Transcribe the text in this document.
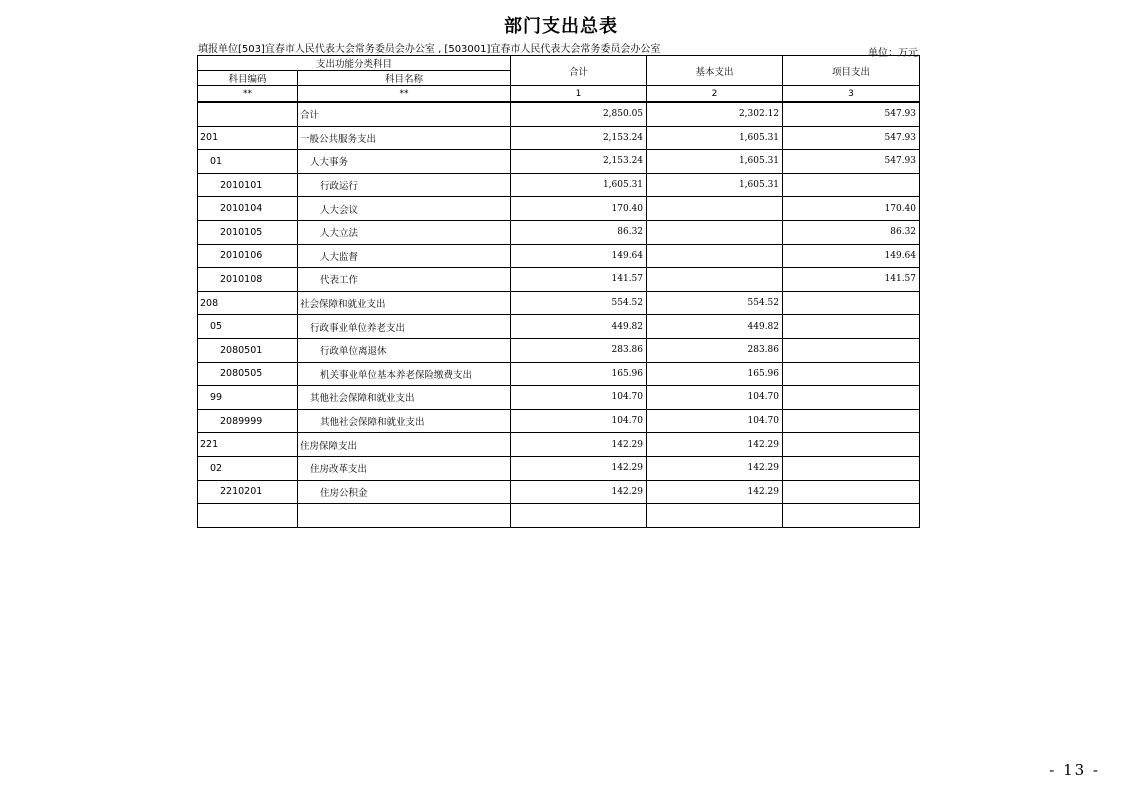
部门支出总表
填报单位[503]宜春市人民代表大会常务委员会办公室 , [503001]宜春市人民代表大会常务委员会办公室	单位：万元
支出功能分类科目		合计	基本支出	项目支出
科目编码	科目名称			
**	**	1	2	3
	合计	2,850.05	2,302.12	547.93
201	一般公共服务支出	2,153.24	1,605.31	547.93
01	人大事务	2,153.24	1,605.31	547.93
2010101	行政运行	1,605.31	1,605.31	
2010104	人大会议	170.40		170.40
2010105	人大立法	86.32		86.32
2010106	人大监督	149.64		149.64
2010108	代表工作	141.57		141.57
208	社会保障和就业支出	554.52	554.52	
05	行政事业单位养老支出	449.82	449.82	
2080501	行政单位离退休	283.86	283.86	
2080505	机关事业单位基本养老保险缴费支出	165.96	165.96	
99	其他社会保障和就业支出	104.70	104.70	
2089999	其他社会保障和就业支出	104.70	104.70	
221	住房保障支出	142.29	142.29	
02	住房改革支出	142.29	142.29	
2210201	住房公积金	142.29	142.29	

- 13 -
